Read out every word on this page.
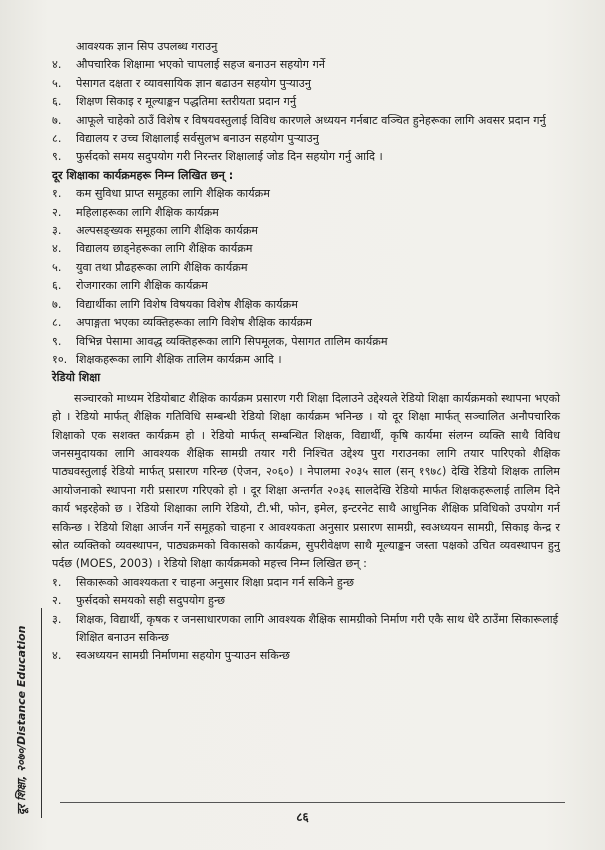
आवश्यक ज्ञान सिप उपलब्ध गराउनु
४.	औपचारिक शिक्षामा भएको चापलाई सहज बनाउन सहयोग गर्ने
५.	पेसागत दक्षता र व्यावसायिक ज्ञान बढाउन सहयोग पुऱ्याउनु
६.	शिक्षण सिकाइ र मूल्याङ्कन पद्धतिमा स्तरीयता प्रदान गर्नु
७.	आफूले चाहेको ठाउँ विशेष र विषयवस्तुलाई विविध कारणले अध्ययन गर्नबाट वञ्चित हुनेहरूका लागि अवसर प्रदान गर्नु
८.	विद्यालय र उच्च शिक्षालाई सर्वसुलभ बनाउन सहयोग पुऱ्याउनु
९.	फुर्सदको समय सदुपयोग गरी निरन्तर शिक्षालाई जोड दिन सहयोग गर्नु आदि ।
दूर शिक्षाका कार्यक्रमहरू निम्न लिखित छन् :
१.	कम सुविधा प्राप्त समूहका लागि शैक्षिक कार्यक्रम
२.	महिलाहरूका लागि शैक्षिक कार्यक्रम
३.	अल्पसङ्ख्यक समूहका लागि शैक्षिक कार्यक्रम
४.	विद्यालय छाड्नेहरूका लागि शैक्षिक कार्यक्रम
५.	युवा तथा प्रौढहरूका लागि शैक्षिक कार्यक्रम
६.	रोजगारका लागि शैक्षिक कार्यक्रम
७.	विद्यार्थीका लागि विशेष विषयका विशेष शैक्षिक कार्यक्रम
८.	अपाङ्गता भएका व्यक्तिहरूका लागि विशेष शैक्षिक कार्यक्रम
९.	विभिन्न पेसामा आवद्ध व्यक्तिहरूका लागि सिपमूलक, पेसागत तालिम कार्यक्रम
१०. शिक्षकहरूका लागि शैक्षिक तालिम कार्यक्रम आदि ।
रेडियो शिक्षा
सञ्चारको माध्यम रेडियोबाट शैक्षिक कार्यक्रम प्रसारण गरी शिक्षा दिलाउने उद्देश्यले रेडियो शिक्षा कार्यक्रमको स्थापना भएको हो । रेडियो मार्फत् शैक्षिक गतिविधि सम्बन्धी रेडियो शिक्षा कार्यक्रम भनिन्छ । यो दूर शिक्षा मार्फत् सञ्चालित अनौपचारिक शिक्षाको एक सशक्त कार्यक्रम हो । रेडियो मार्फत् सम्बन्धित शिक्षक, विद्यार्थी, कृषि कार्यमा संलग्न व्यक्ति साथै विविध जनसमुदायका लागि आवश्यक शैक्षिक सामग्री तयार गरी निश्चित उद्देश्य पुरा गराउनका लागि तयार पारिएको शैक्षिक पाठ्यवस्तुलाई रेडियो मार्फत् प्रसारण गरिन्छ (ऐजन, २०६०) । नेपालमा २०३५ साल (सन् १९७८) देखि रेडियो शिक्षक तालिम आयोजनाको स्थापना गरी प्रसारण गरिएको हो । दूर शिक्षा अन्तर्गत २०३६ सालदेखि रेडियो मार्फत शिक्षकहरूलाई तालिम दिने कार्य भइरहेको छ । रेडियो शिक्षाका लागि रेडियो, टी.भी, फोन, इमेल, इन्टरनेट साथै आधुनिक शैक्षिक प्रविधिको उपयोग गर्न सकिन्छ । रेडियो शिक्षा आर्जन गर्ने समूहको चाहना र आवश्यकता अनुसार प्रसारण सामग्री, स्वअध्ययन सामग्री, सिकाइ केन्द्र र स्रोत व्यक्तिको व्यवस्थापन, पाठ्यक्रमको विकासको कार्यक्रम, सुपरीवेक्षण साथै मूल्याङ्कन जस्ता पक्षको उचित व्यवस्थापन हुनु पर्दछ (MOES, 2003) । रेडियो शिक्षा कार्यक्रमको महत्त्व निम्न लिखित छन् :
१.	सिकारूको आवश्यकता र चाहना अनुसार शिक्षा प्रदान गर्न सकिने हुन्छ
२.	फुर्सदको समयको सही सदुपयोग हुन्छ
३.	शिक्षक, विद्यार्थी, कृषक र जनसाधारणका लागि आवश्यक शैक्षिक सामग्रीको निर्माण गरी एकै साथ धेरै ठाउँमा सिकारूलाई शिक्षित बनाउन सकिन्छ
४.	स्वअध्ययन सामग्री निर्माणमा सहयोग पुऱ्याउन सकिन्छ
दूर शिक्षा, २०७०/Distance Education
८६
